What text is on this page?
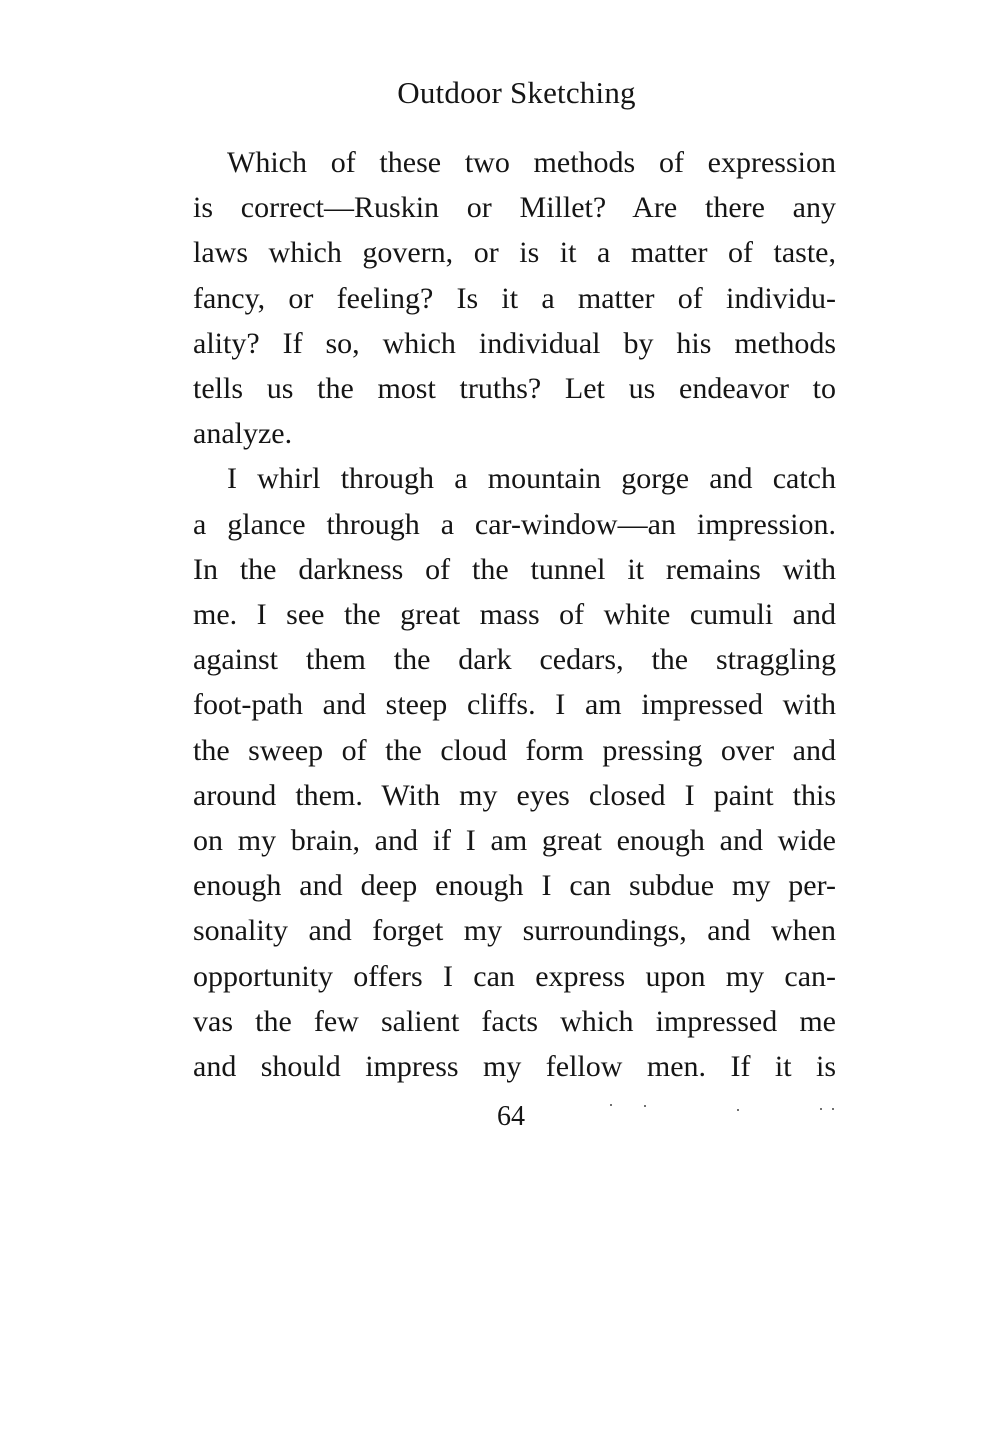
Outdoor Sketching

Which of these two methods of expression
is correct—Ruskin or Millet? Are there any
laws which govern, or is it a matter of taste,
fancy, or feeling? Is it a matter of individu-
ality? If so, which individual by his methods
tells us the most truths? Let us endeavor to
analyze.

I whirl through a mountain gorge and catch
a glance through a car-window—an impression.
In the darkness of the tunnel it remains with
me. I see the great mass of white cumuli and
against them the dark cedars, the straggling
foot-path and steep cliffs. I am impressed with
the sweep of the cloud form pressing over and
around them. With my eyes closed I paint this
on my brain, and if I am great enough and wide
enough and deep enough I can subdue my per-
sonality and forget my surroundings, and when
opportunity offers I can express upon my can-
vas the few salient facts which impressed me
and should impress my fellow men. If it is

64
